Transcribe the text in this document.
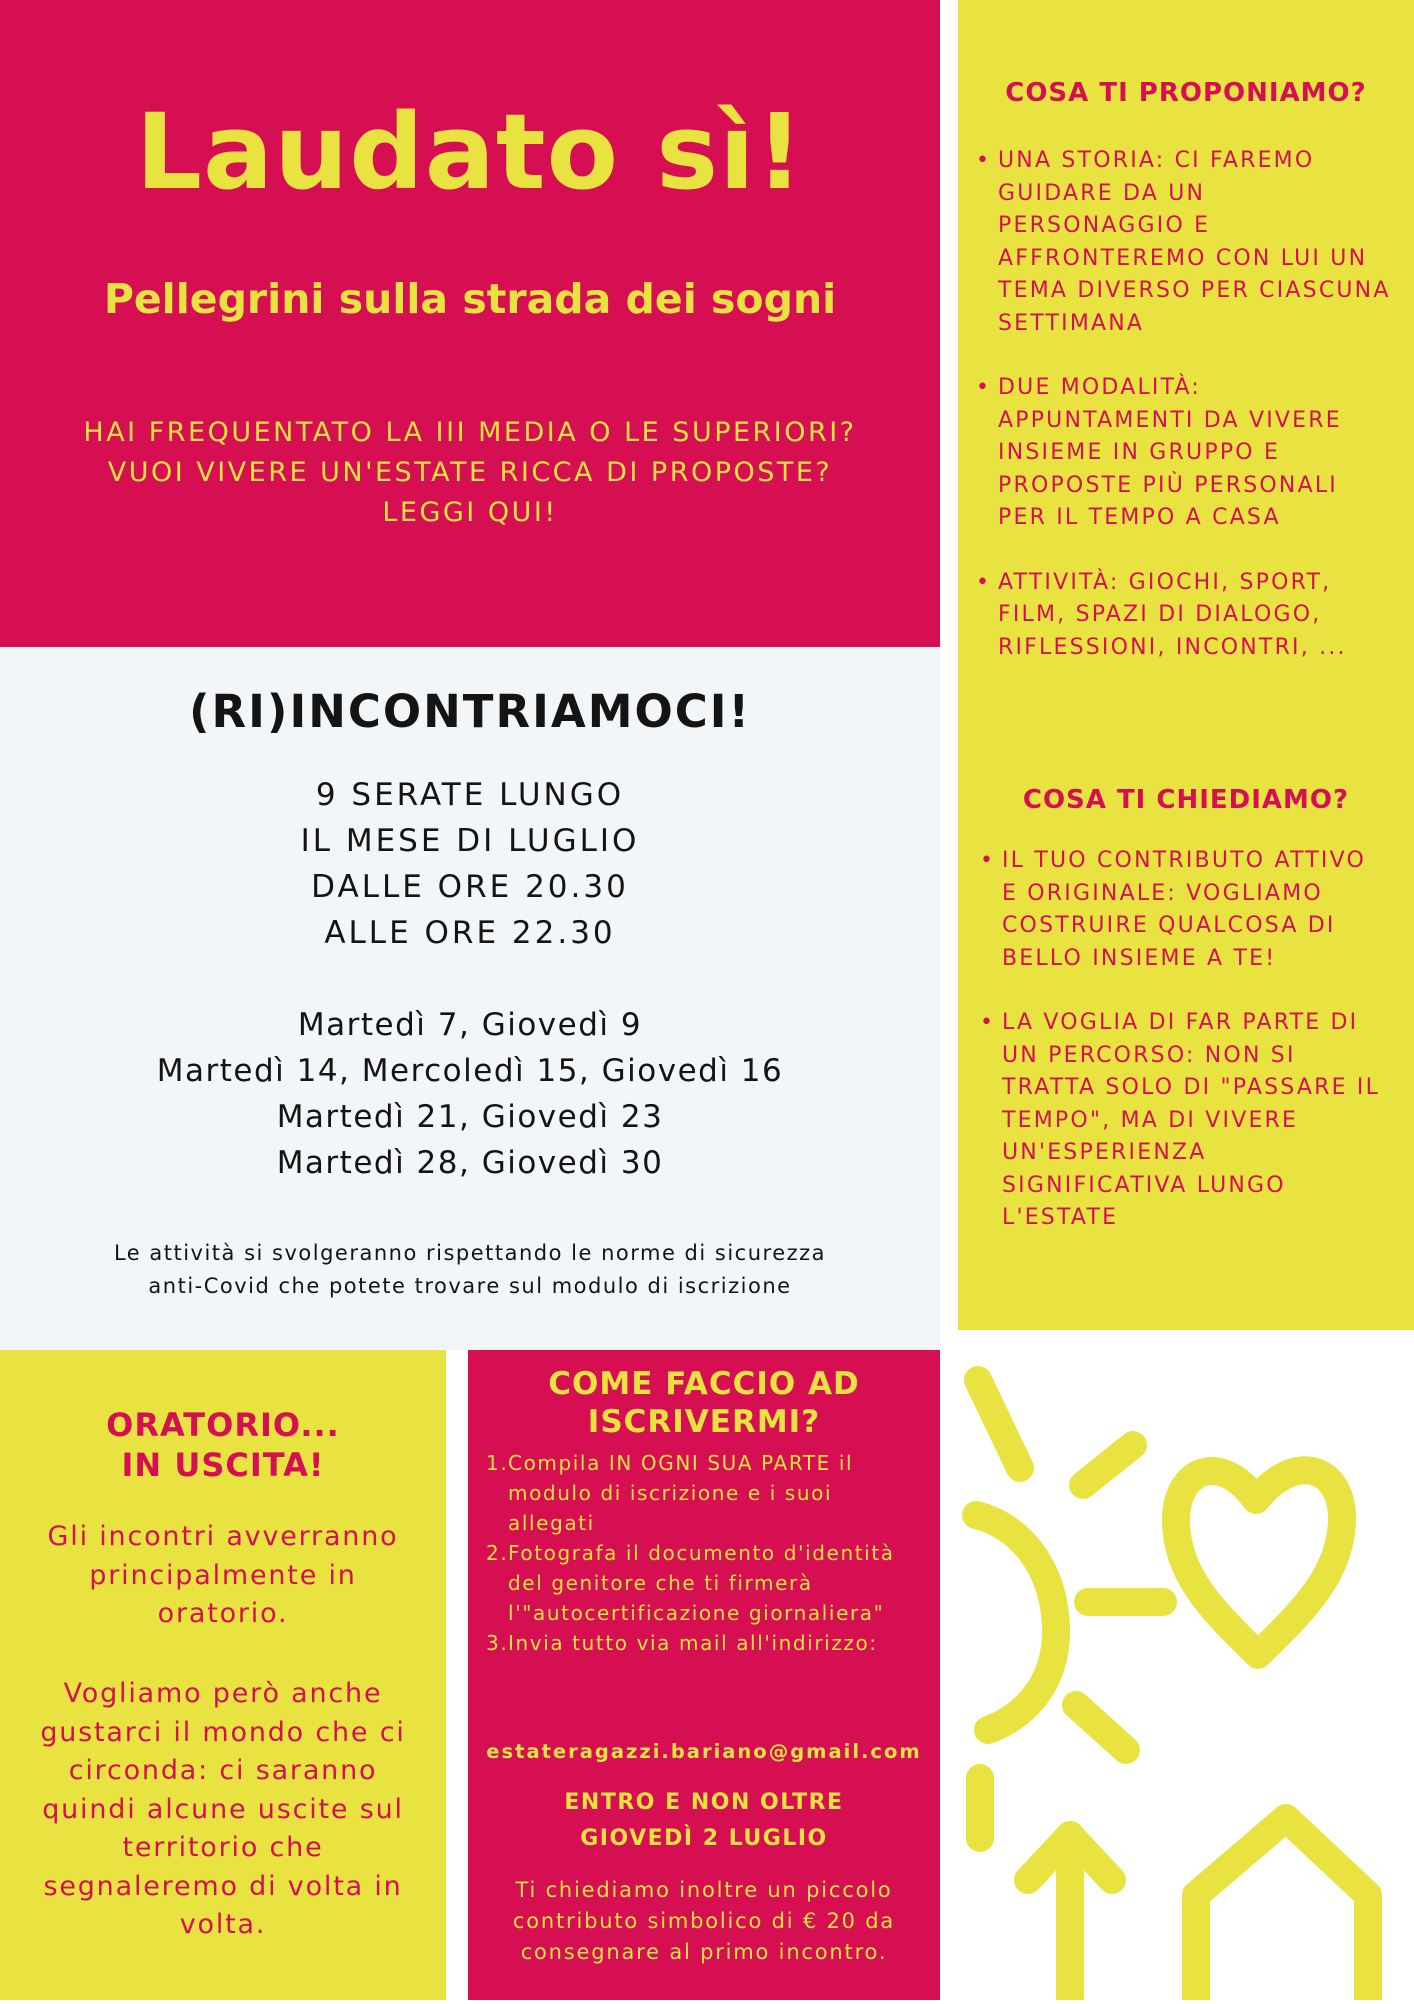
Laudato sì!
Pellegrini sulla strada dei sogni
HAI FREQUENTATO LA III MEDIA O LE SUPERIORI?
VUOI VIVERE UN'ESTATE RICCA DI PROPOSTE?
LEGGI QUI!
(RI)INCONTRIAMOCI!
9 SERATE LUNGO
IL MESE DI LUGLIO
DALLE ORE 20.30
ALLE ORE 22.30
Martedì 7, Giovedì 9
Martedì 14, Mercoledì 15, Giovedì 16
Martedì 21, Giovedì 23
Martedì 28, Giovedì 30
Le attività si svolgeranno rispettando le norme di sicurezza anti-Covid che potete trovare sul modulo di iscrizione
COSA TI PROPONIAMO?
• UNA STORIA: CI FAREMO GUIDARE DA UN PERSONAGGIO E AFFRONTEREMO CON LUI UN TEMA DIVERSO PER CIASCUNA SETTIMANA
• DUE MODALITÀ: APPUNTAMENTI DA VIVERE INSIEME IN GRUPPO E PROPOSTE PIÙ PERSONALI PER IL TEMPO A CASA
• ATTIVITÀ: GIOCHI, SPORT, FILM, SPAZI DI DIALOGO, RIFLESSIONI, INCONTRI, ...
COSA TI CHIEDIAMO?
• IL TUO CONTRIBUTO ATTIVO E ORIGINALE: VOGLIAMO COSTRUIRE QUALCOSA DI BELLO INSIEME A TE!
• LA VOGLIA DI FAR PARTE DI UN PERCORSO: NON SI TRATTA SOLO DI "PASSARE IL TEMPO", MA DI VIVERE UN'ESPERIENZA SIGNIFICATIVA LUNGO L'ESTATE
ORATORIO...
IN USCITA!
Gli incontri avverranno principalmente in oratorio.
Vogliamo però anche gustarci il mondo che ci circonda: ci saranno quindi alcune uscite sul territorio che segnaleremo di volta in volta.
COME FACCIO AD
ISCRIVERMI?
1. Compila IN OGNI SUA PARTE il modulo di iscrizione e i suoi allegati
2. Fotografa il documento d'identità del genitore che ti firmerà l'"autocertificazione giornaliera"
3. Invia tutto via mail all'indirizzo:
estateragazzi.bariano@gmail.com
ENTRO E NON OLTRE
GIOVEDÌ 2 LUGLIO
Ti chiediamo inoltre un piccolo contributo simbolico di € 20 da consegnare al primo incontro.
